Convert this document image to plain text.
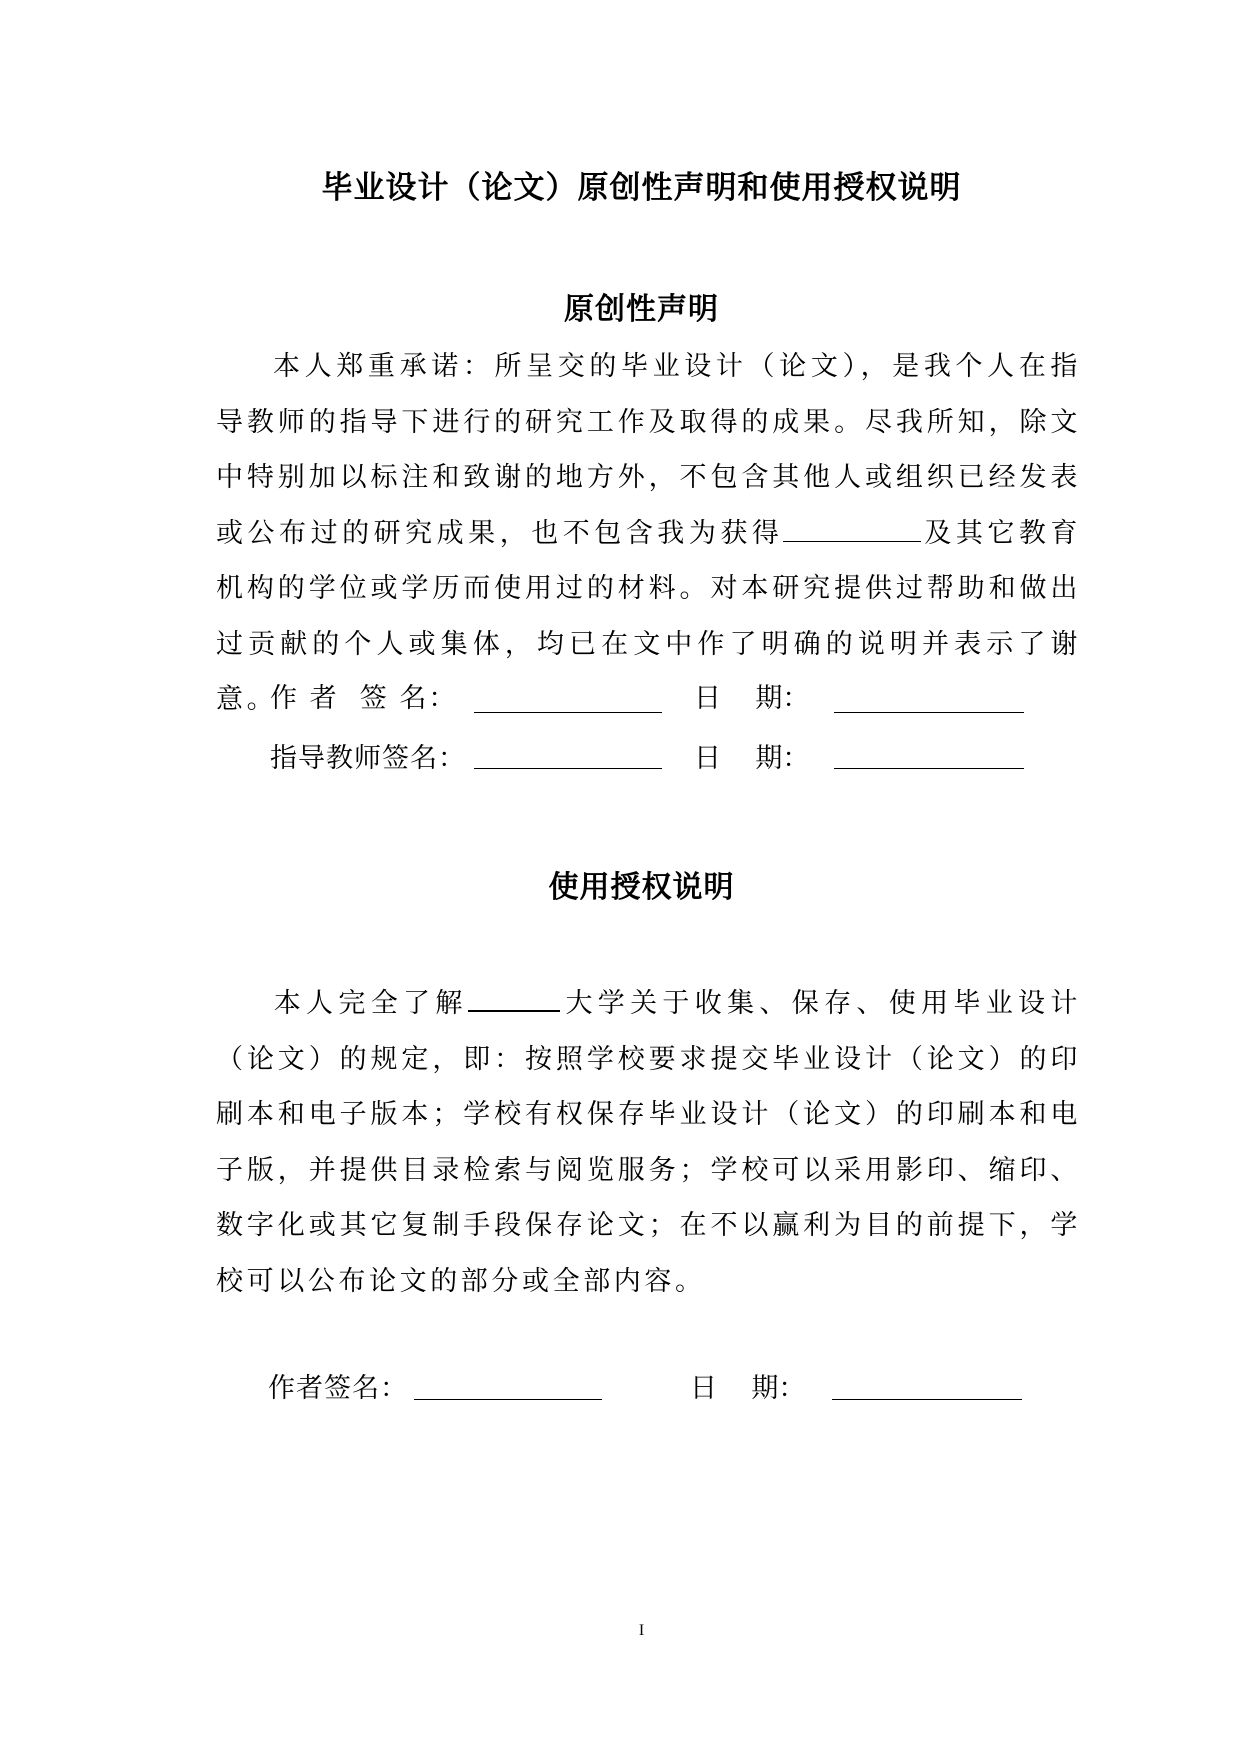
毕业设计（论文）原创性声明和使用授权说明
原创性声明
本人郑重承诺：所呈交的毕业设计（论文），是我个人在指导教师的指导下进行的研究工作及取得的成果。尽我所知，除文中特别加以标注和致谢的地方外，不包含其他人或组织已经发表或公布过的研究成果，也不包含我为获得	及其它教育机构的学位或学历而使用过的材料。对本研究提供过帮助和做出过贡献的个人或集体，均已在文中作了明确的说明并表示了谢意。
作 者  签 名：	日    期：
指导教师签名：	日    期：
使用授权说明
本人完全了解	大学关于收集、保存、使用毕业设计（论文）的规定，即：按照学校要求提交毕业设计（论文）的印刷本和电子版本；学校有权保存毕业设计（论文）的印刷本和电子版，并提供目录检索与阅览服务；学校可以采用影印、缩印、数字化或其它复制手段保存论文；在不以赢利为目的前提下，学校可以公布论文的部分或全部内容。
作者签名：	日    期：
I
